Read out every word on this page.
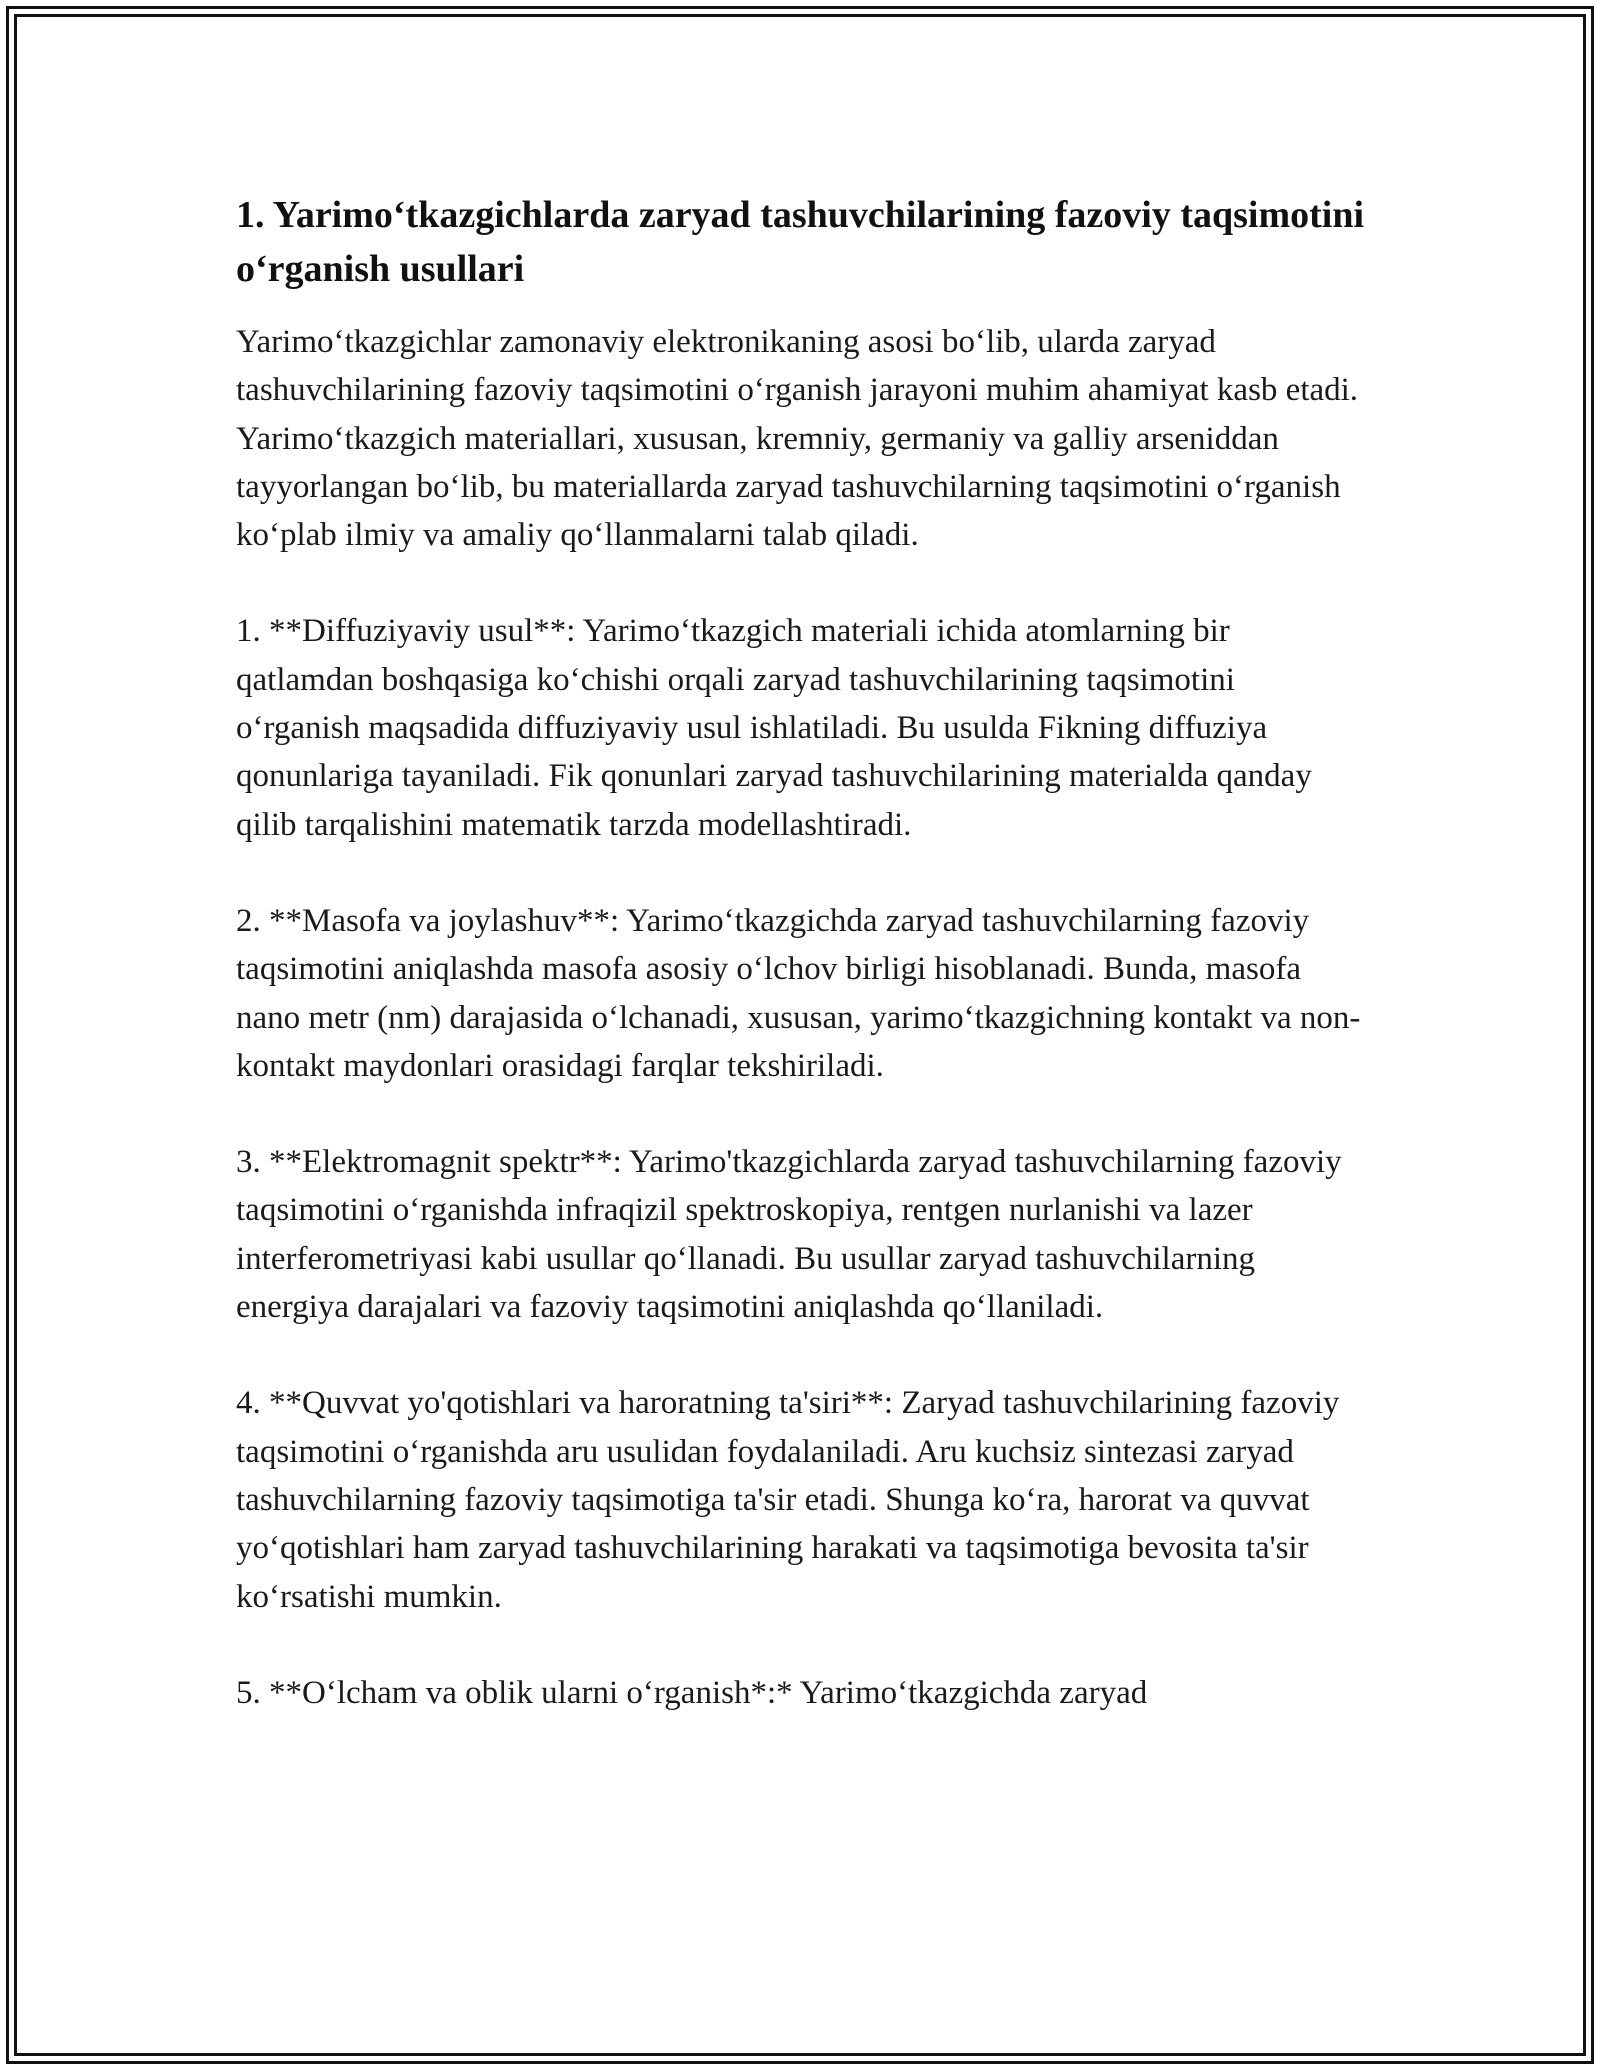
1. Yarimo‘tkazgichlarda zaryad tashuvchilarining fazoviy taqsimotini o‘rganish usullari

Yarimo‘tkazgichlar zamonaviy elektronikaning asosi bo‘lib, ularda zaryad tashuvchilarining fazoviy taqsimotini o‘rganish jarayoni muhim ahamiyat kasb etadi. Yarimo‘tkazgich materiallari, xususan, kremniy, germaniy va galliy arseniddan tayyorlangan bo‘lib, bu materiallarda zaryad tashuvchilarning taqsimotini o‘rganish ko‘plab ilmiy va amaliy qo‘llanmalarni talab qiladi.

1. **Diffuziyaviy usul**: Yarimo‘tkazgich materiali ichida atomlarning bir qatlamdan boshqasiga ko‘chishi orqali zaryad tashuvchilarining taqsimotini o‘rganish maqsadida diffuziyaviy usul ishlatiladi. Bu usulda Fikning diffuziya qonunlariga tayaniladi. Fik qonunlari zaryad tashuvchilarining materialda qanday qilib tarqalishini matematik tarzda modellashtiradi.

2. **Masofa va joylashuv**: Yarimo‘tkazgichda zaryad tashuvchilarning fazoviy taqsimotini aniqlashda masofa asosiy o‘lchov birligi hisoblanadi. Bunda, masofa nano metr (nm) darajasida o‘lchanadi, xususan, yarimo‘tkazgichning kontakt va non-kontakt maydonlari orasidagi farqlar tekshiriladi.

3. **Elektromagnit spektr**: Yarimo'tkazgichlarda zaryad tashuvchilarning fazoviy taqsimotini o‘rganishda infraqizil spektroskopiya, rentgen nurlanishi va lazer interferometriyasi kabi usullar qo‘llanadi. Bu usullar zaryad tashuvchilarning energiya darajalari va fazoviy taqsimotini aniqlashda qo‘llaniladi.

4. **Quvvat yo'qotishlari va haroratning ta'siri**: Zaryad tashuvchilarining fazoviy taqsimotini o‘rganishda aru usulidan foydalaniladi. Aru kuchsiz sintezasi zaryad tashuvchilarning fazoviy taqsimotiga ta'sir etadi. Shunga ko‘ra, harorat va quvvat yo‘qotishlari ham zaryad tashuvchilarining harakati va taqsimotiga bevosita ta'sir ko‘rsatishi mumkin.

5. **O‘lcham va oblik ularni o‘rganish*:* Yarimo‘tkazgichda zaryad
